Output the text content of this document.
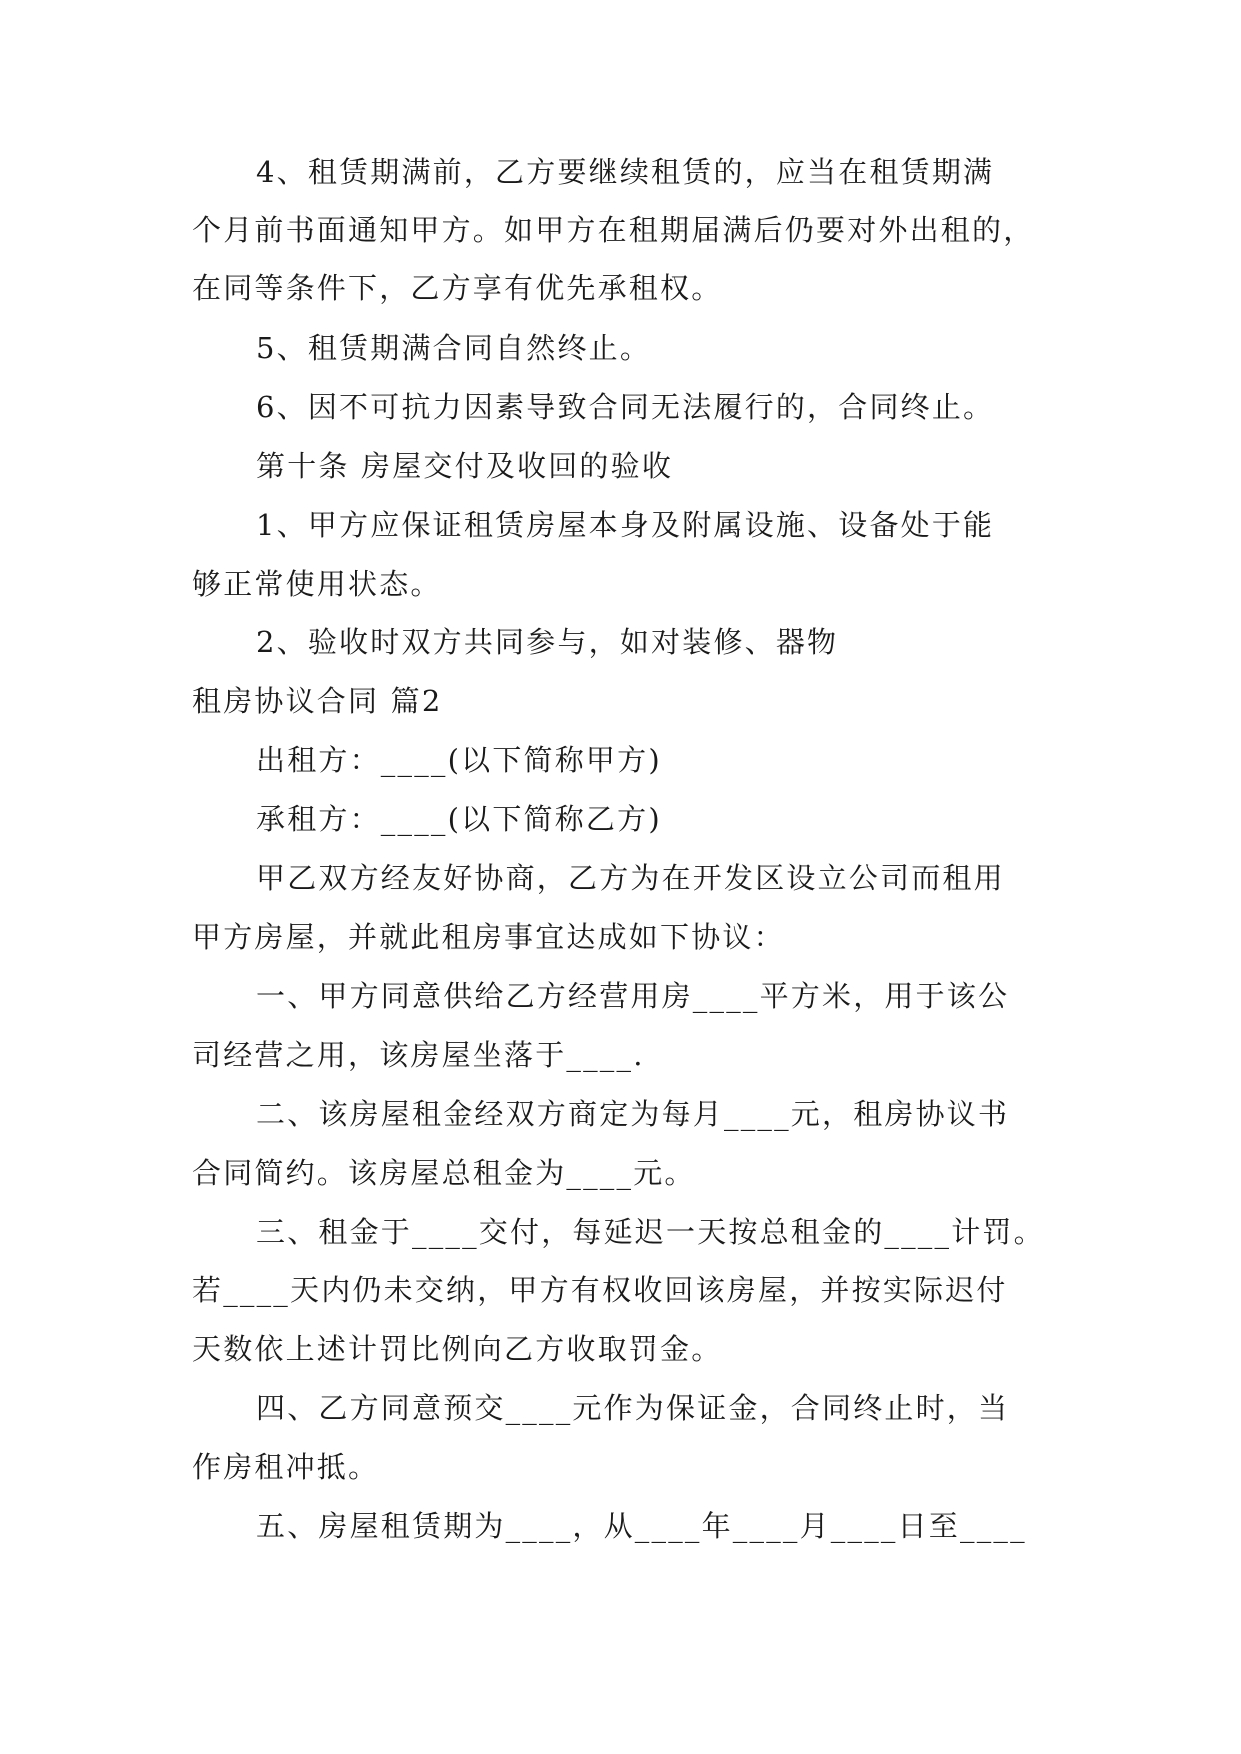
4、租赁期满前，乙方要继续租赁的，应当在租赁期满
个月前书面通知甲方。如甲方在租期届满后仍要对外出租的，
在同等条件下，乙方享有优先承租权。
5、租赁期满合同自然终止。
6、因不可抗力因素导致合同无法履行的，合同终止。
第十条 房屋交付及收回的验收
1、甲方应保证租赁房屋本身及附属设施、设备处于能
够正常使用状态。
2、验收时双方共同参与，如对装修、器物
租房协议合同 篇2
出租方：____(以下简称甲方)
承租方：____(以下简称乙方)
甲乙双方经友好协商，乙方为在开发区设立公司而租用
甲方房屋，并就此租房事宜达成如下协议：
一、甲方同意供给乙方经营用房____平方米，用于该公
司经营之用，该房屋坐落于____.
二、该房屋租金经双方商定为每月____元，租房协议书
合同简约。该房屋总租金为____元。
三、租金于____交付，每延迟一天按总租金的____计罚。
若____天内仍未交纳，甲方有权收回该房屋，并按实际迟付
天数依上述计罚比例向乙方收取罚金。
四、乙方同意预交____元作为保证金，合同终止时，当
作房租冲抵。
五、房屋租赁期为____，从____年____月____日至____
